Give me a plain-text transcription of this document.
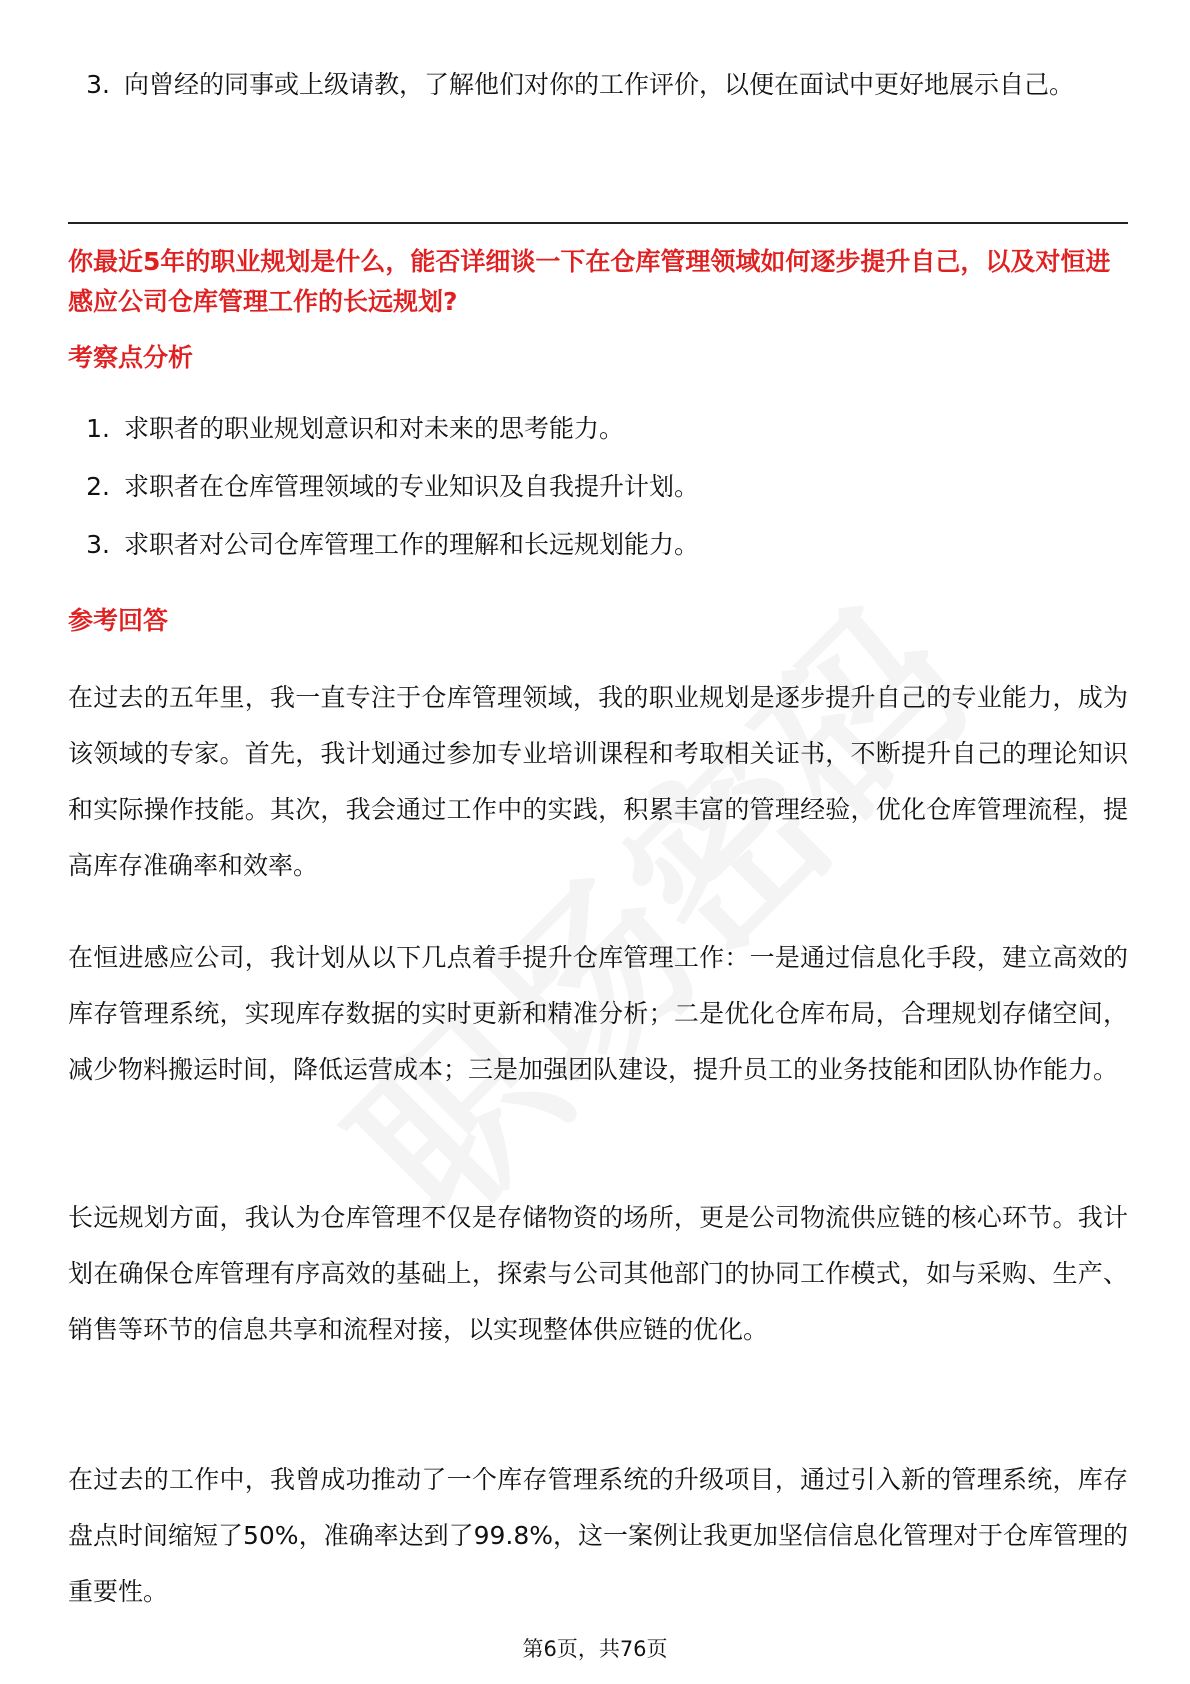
3. 向曾经的同事或上级请教，了解他们对你的工作评价，以便在面试中更好地展示自己。
你最近5年的职业规划是什么，能否详细谈一下在仓库管理领域如何逐步提升自己，以及对恒进感应公司仓库管理工作的长远规划?
考察点分析
1. 求职者的职业规划意识和对未来的思考能力。
2. 求职者在仓库管理领域的专业知识及自我提升计划。
3. 求职者对公司仓库管理工作的理解和长远规划能力。
参考回答

在过去的五年里，我一直专注于仓库管理领域，我的职业规划是逐步提升自己的专业能力，成为该领域的专家。首先，我计划通过参加专业培训课程和考取相关证书，不断提升自己的理论知识和实际操作技能。其次，我会通过工作中的实践，积累丰富的管理经验，优化仓库管理流程，提高库存准确率和效率。

在恒进感应公司，我计划从以下几点着手提升仓库管理工作：一是通过信息化手段，建立高效的库存管理系统，实现库存数据的实时更新和精准分析；二是优化仓库布局，合理规划存储空间，减少物料搬运时间，降低运营成本；三是加强团队建设，提升员工的业务技能和团队协作能力。

长远规划方面，我认为仓库管理不仅是存储物资的场所，更是公司物流供应链的核心环节。我计划在确保仓库管理有序高效的基础上，探索与公司其他部门的协同工作模式，如与采购、生产、销售等环节的信息共享和流程对接，以实现整体供应链的优化。

在过去的工作中，我曾成功推动了一个库存管理系统的升级项目，通过引入新的管理系统，库存盘点时间缩短了50%，准确率达到了99.8%，这一案例让我更加坚信信息化管理对于仓库管理的重要性。

第6页，共76页
